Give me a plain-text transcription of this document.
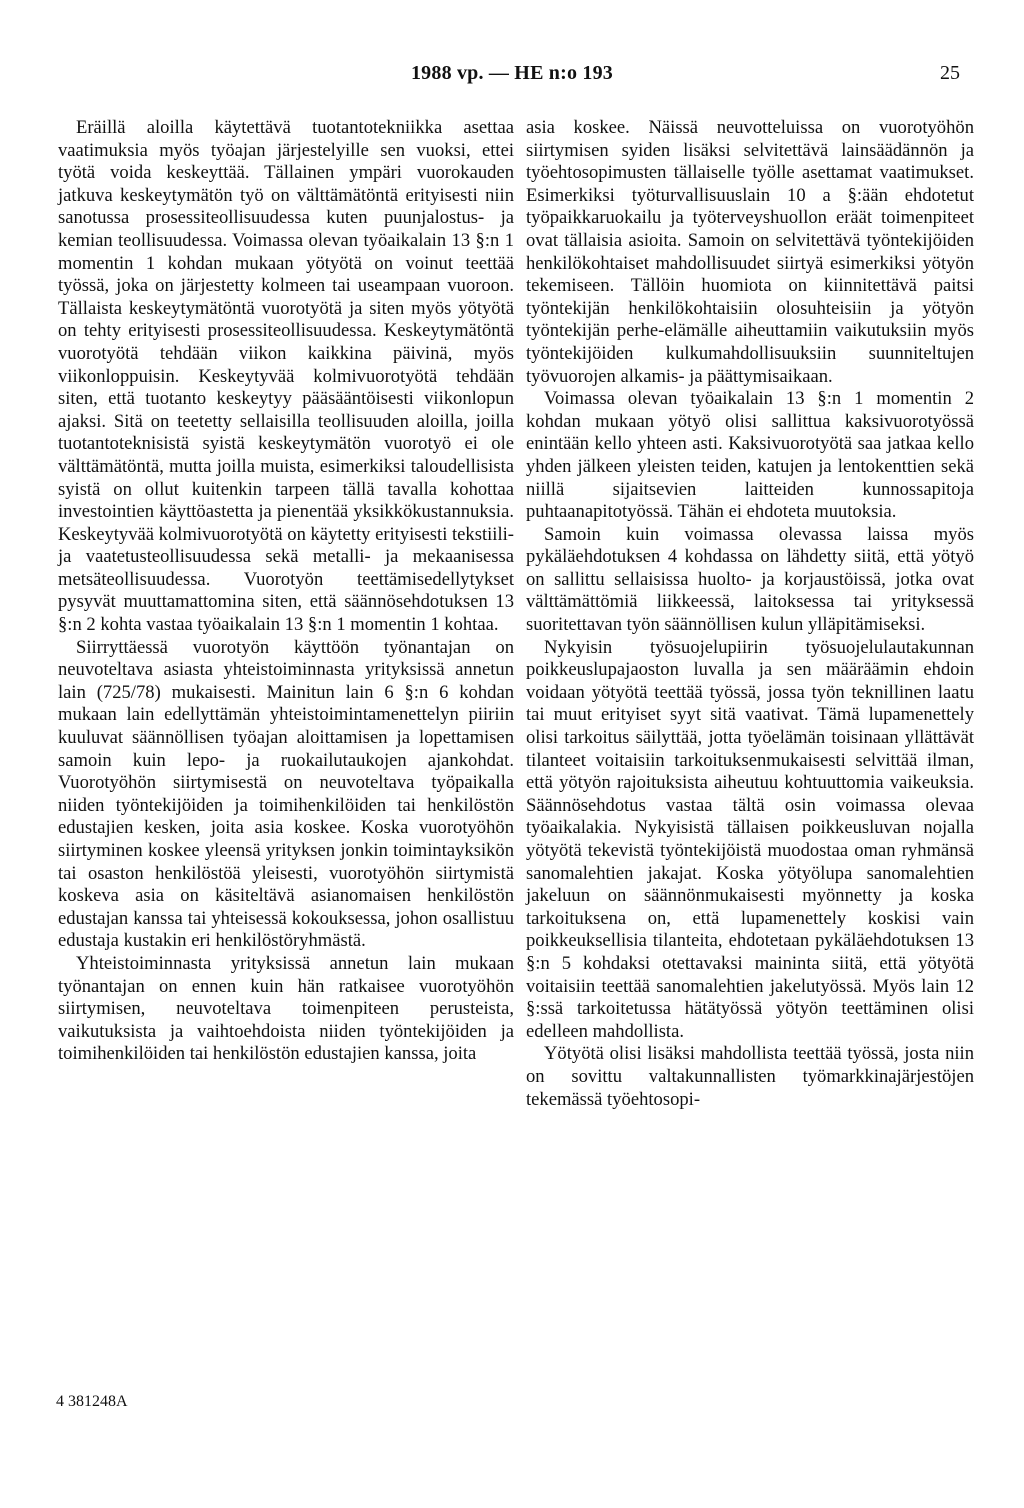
1988 vp. — HE n:o 193	25

Eräillä aloilla käytettävä tuotantotekniikka asettaa vaatimuksia myös työajan järjestelyille sen vuoksi, ettei työtä voida keskeyttää. Tällainen ympäri vuorokauden jatkuva keskeytymätön työ on välttämätöntä erityisesti niin sanotussa prosessiteollisuudessa kuten puunjalostus- ja kemian teollisuudessa. Voimassa olevan työaikalain 13 §:n 1 momentin 1 kohdan mukaan yötyötä on voinut teettää työssä, joka on järjestetty kolmeen tai useampaan vuoroon. Tällaista keskeytymätöntä vuorotyötä ja siten myös yötyötä on tehty erityisesti prosessiteollisuudessa. Keskeytymätöntä vuorotyötä tehdään viikon kaikkina päivinä, myös viikonloppuisin. Keskeytyvää kolmivuorotyötä tehdään siten, että tuotanto keskeytyy pääsääntöisesti viikonlopun ajaksi. Sitä on teetetty sellaisilla teollisuuden aloilla, joilla tuotantoteknisistä syistä keskeytymätön vuorotyö ei ole välttämätöntä, mutta joilla muista, esimerkiksi taloudellisista syistä on ollut kuitenkin tarpeen tällä tavalla kohottaa investointien käyttöastetta ja pienentää yksikkökustannuksia. Keskeytyvää kolmivuorotyötä on käytetty erityisesti tekstiili- ja vaatetusteollisuudessa sekä metalli- ja mekaanisessa metsäteollisuudessa. Vuorotyön teettämisedellytykset pysyvät muuttamattomina siten, että säännösehdotuksen 13 §:n 2 kohta vastaa työaikalain 13 §:n 1 momentin 1 kohtaa.

Siirryttäessä vuorotyön käyttöön työnantajan on neuvoteltava asiasta yhteistoiminnasta yrityksissä annetun lain (725/78) mukaisesti. Mainitun lain 6 §:n 6 kohdan mukaan lain edellyttämän yhteistoimintamenettelyn piiriin kuuluvat säännöllisen työajan aloittamisen ja lopettamisen samoin kuin lepo- ja ruokailutaukojen ajankohdat. Vuorotyöhön siirtymisestä on neuvoteltava työpaikalla niiden työntekijöiden ja toimihenkilöiden tai henkilöstön edustajien kesken, joita asia koskee. Koska vuorotyöhön siirtyminen koskee yleensä yrityksen jonkin toimintayksikön tai osaston henkilöstöä yleisesti, vuorotyöhön siirtymistä koskeva asia on käsiteltävä asianomaisen henkilöstön edustajan kanssa tai yhteisessä kokouksessa, johon osallistuu edustaja kustakin eri henkilöstöryhmästä.

Yhteistoiminnasta yrityksissä annetun lain mukaan työnantajan on ennen kuin hän ratkaisee vuorotyöhön siirtymisen, neuvoteltava toimenpiteen perusteista, vaikutuksista ja vaihtoehdoista niiden työntekijöiden ja toimihenkilöiden tai henkilöstön edustajien kanssa, joita

asia koskee. Näissä neuvotteluissa on vuorotyöhön siirtymisen syiden lisäksi selvitettävä lainsäädännön ja työehtosopimusten tällaiselle työlle asettamat vaatimukset. Esimerkiksi työturvallisuuslain 10 a §:ään ehdotetut työpaikkaruokailu ja työterveyshuollon eräät toimenpiteet ovat tällaisia asioita. Samoin on selvitettävä työntekijöiden henkilökohtaiset mahdollisuudet siirtyä esimerkiksi yötyön tekemiseen. Tällöin huomiota on kiinnitettävä paitsi työntekijän henkilökohtaisiin olosuhteisiin ja yötyön työntekijän perhe-elämälle aiheuttamiin vaikutuksiin myös työntekijöiden kulkumahdollisuuksiin suunniteltujen työvuorojen alkamis- ja päättymisaikaan.

Voimassa olevan työaikalain 13 §:n 1 momentin 2 kohdan mukaan yötyö olisi sallittua kaksivuorotyössä enintään kello yhteen asti. Kaksivuorotyötä saa jatkaa kello yhden jälkeen yleisten teiden, katujen ja lentokenttien sekä niillä sijaitsevien laitteiden kunnossapitoja puhtaanapitotyössä. Tähän ei ehdoteta muutoksia.

Samoin kuin voimassa olevassa laissa myös pykäläehdotuksen 4 kohdassa on lähdetty siitä, että yötyö on sallittu sellaisissa huolto- ja korjaustöissä, jotka ovat välttämättömiä liikkeessä, laitoksessa tai yrityksessä suoritettavan työn säännöllisen kulun ylläpitämiseksi.

Nykyisin työsuojelupiirin työsuojelulautakunnan poikkeuslupajaoston luvalla ja sen määräämin ehdoin voidaan yötyötä teettää työssä, jossa työn teknillinen laatu tai muut erityiset syyt sitä vaativat. Tämä lupamenettely olisi tarkoitus säilyttää, jotta työelämän toisinaan yllättävät tilanteet voitaisiin tarkoituksenmukaisesti selvittää ilman, että yötyön rajoituksista aiheutuu kohtuuttomia vaikeuksia. Säännösehdotus vastaa tältä osin voimassa olevaa työaikalakia. Nykyisistä tällaisen poikkeusluvan nojalla yötyötä tekevistä työntekijöistä muodostaa oman ryhmänsä sanomalehtien jakajat. Koska yötyölupa sanomalehtien jakeluun on säännönmukaisesti myönnetty ja koska tarkoituksena on, että lupamenettely koskisi vain poikkeuksellisia tilanteita, ehdotetaan pykäläehdotuksen 13 §:n 5 kohdaksi otettavaksi maininta siitä, että yötyötä voitaisiin teettää sanomalehtien jakelutyössä. Myös lain 12 §:ssä tarkoitetussa hätätyössä yötyön teettäminen olisi edelleen mahdollista.

Yötyötä olisi lisäksi mahdollista teettää työssä, josta niin on sovittu valtakunnallisten työmarkkinajärjestöjen tekemässä työehtosopi-

4 381248A
